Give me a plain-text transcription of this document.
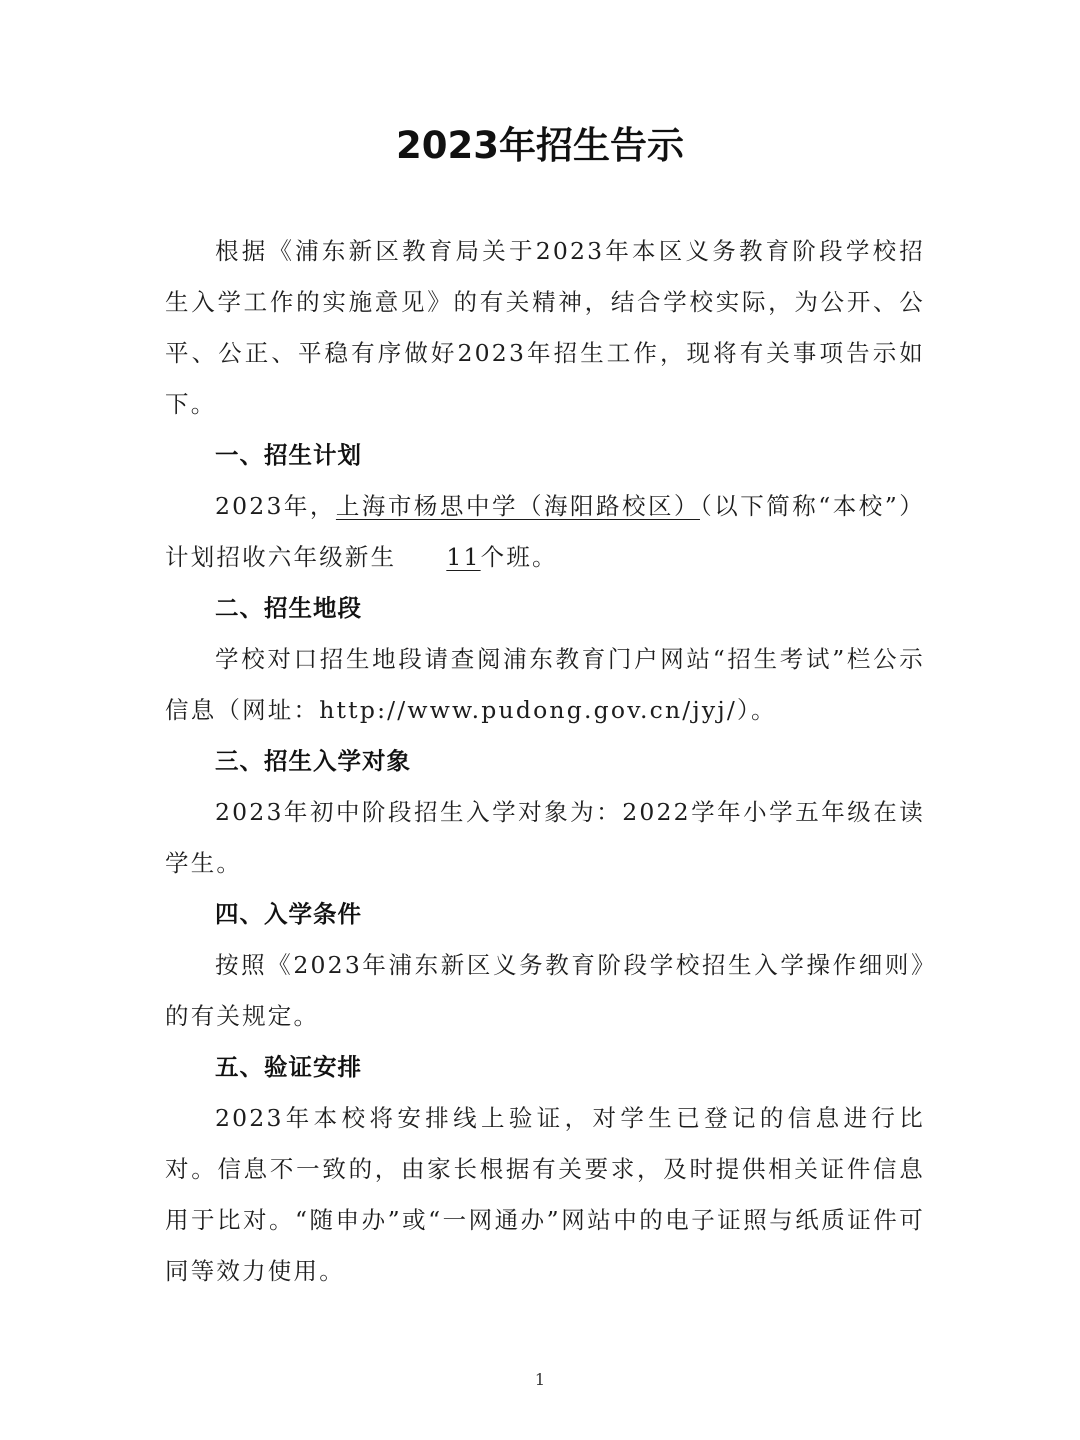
2023年招生告示

根据《浦东新区教育局关于2023年本区义务教育阶段学校招生入学工作的实施意见》的有关精神，结合学校实际，为公开、公平、公正、平稳有序做好2023年招生工作，现将有关事项告示如下。

一、招生计划

2023年，上海市杨思中学（海阳路校区）（以下简称“本校”）计划招收六年级新生 11个班。

二、招生地段

学校对口招生地段请查阅浦东教育门户网站“招生考试”栏公示信息（网址：http://www.pudong.gov.cn/jyj/）。

三、招生入学对象

2023年初中阶段招生入学对象为：2022学年小学五年级在读学生。

四、入学条件

按照《2023年浦东新区义务教育阶段学校招生入学操作细则》的有关规定。

五、验证安排

2023年本校将安排线上验证，对学生已登记的信息进行比对。信息不一致的，由家长根据有关要求，及时提供相关证件信息用于比对。“随申办”或“一网通办”网站中的电子证照与纸质证件可同等效力使用。

1
